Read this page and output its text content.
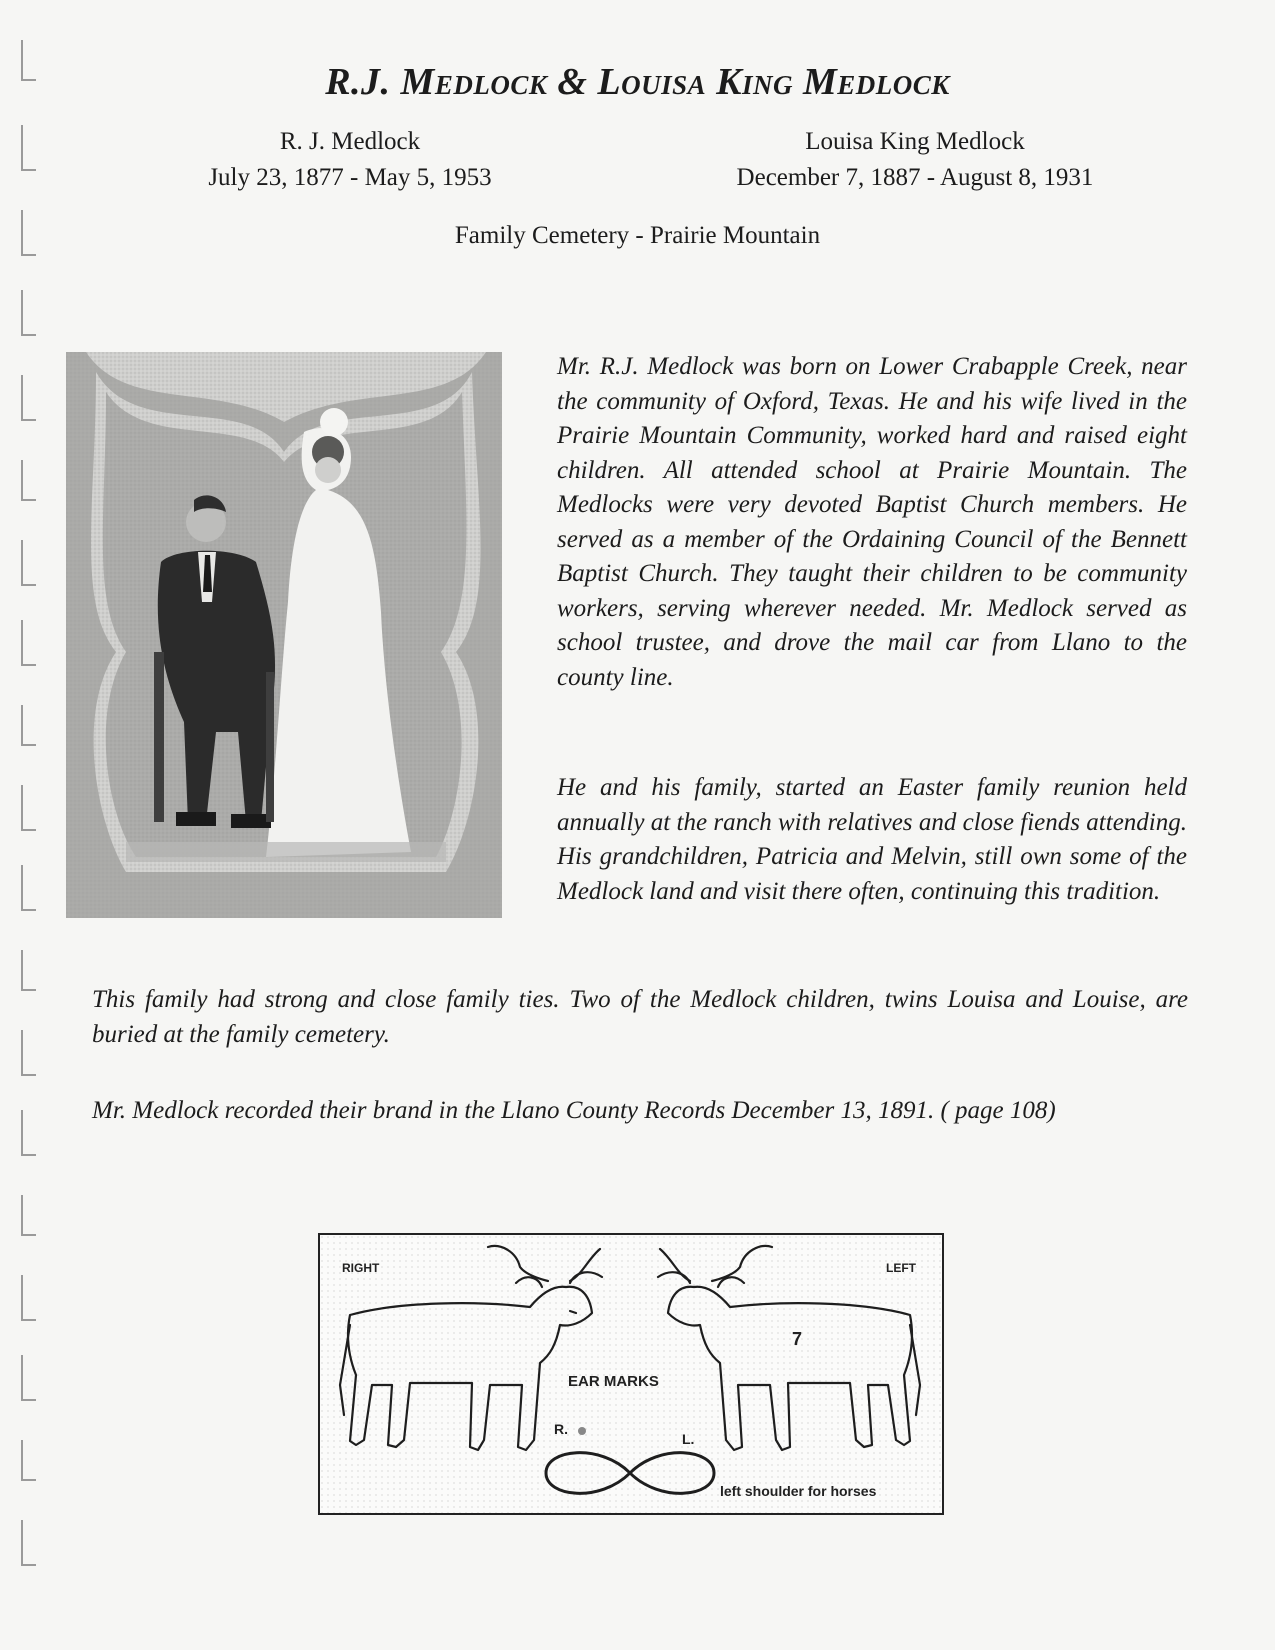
R.J. Medlock & Louisa King Medlock
R. J. Medlock
July 23, 1877 - May 5, 1953
Louisa King Medlock
December 7, 1887 - August 8, 1931
Family Cemetery - Prairie Mountain
Mr. R.J. Medlock was born on Lower Crabapple Creek, near the community of Oxford, Texas. He and his wife lived in the Prairie Mountain Community, worked hard and raised eight children. All attended school at Prairie Mountain. The Medlocks were very devoted Baptist Church members. He served as a member of the Ordaining Council of the Bennett Baptist Church. They taught their children to be community workers, serving wherever needed. Mr. Medlock served as school trustee, and drove the mail car from Llano to the county line.
He and his family, started an Easter family reunion held annually at the ranch with relatives and close fiends attending. His grandchildren, Patricia and Melvin, still own some of the Medlock land and visit there often, continuing this tradition.
This family had strong and close family ties. Two of the Medlock children, twins Louisa and Louise, are buried at the family cemetery.
Mr. Medlock recorded their brand in the Llano County Records December 13, 1891. ( page 108)
RIGHT	LEFT
7
EAR MARKS
R.
L.
left shoulder for horses
